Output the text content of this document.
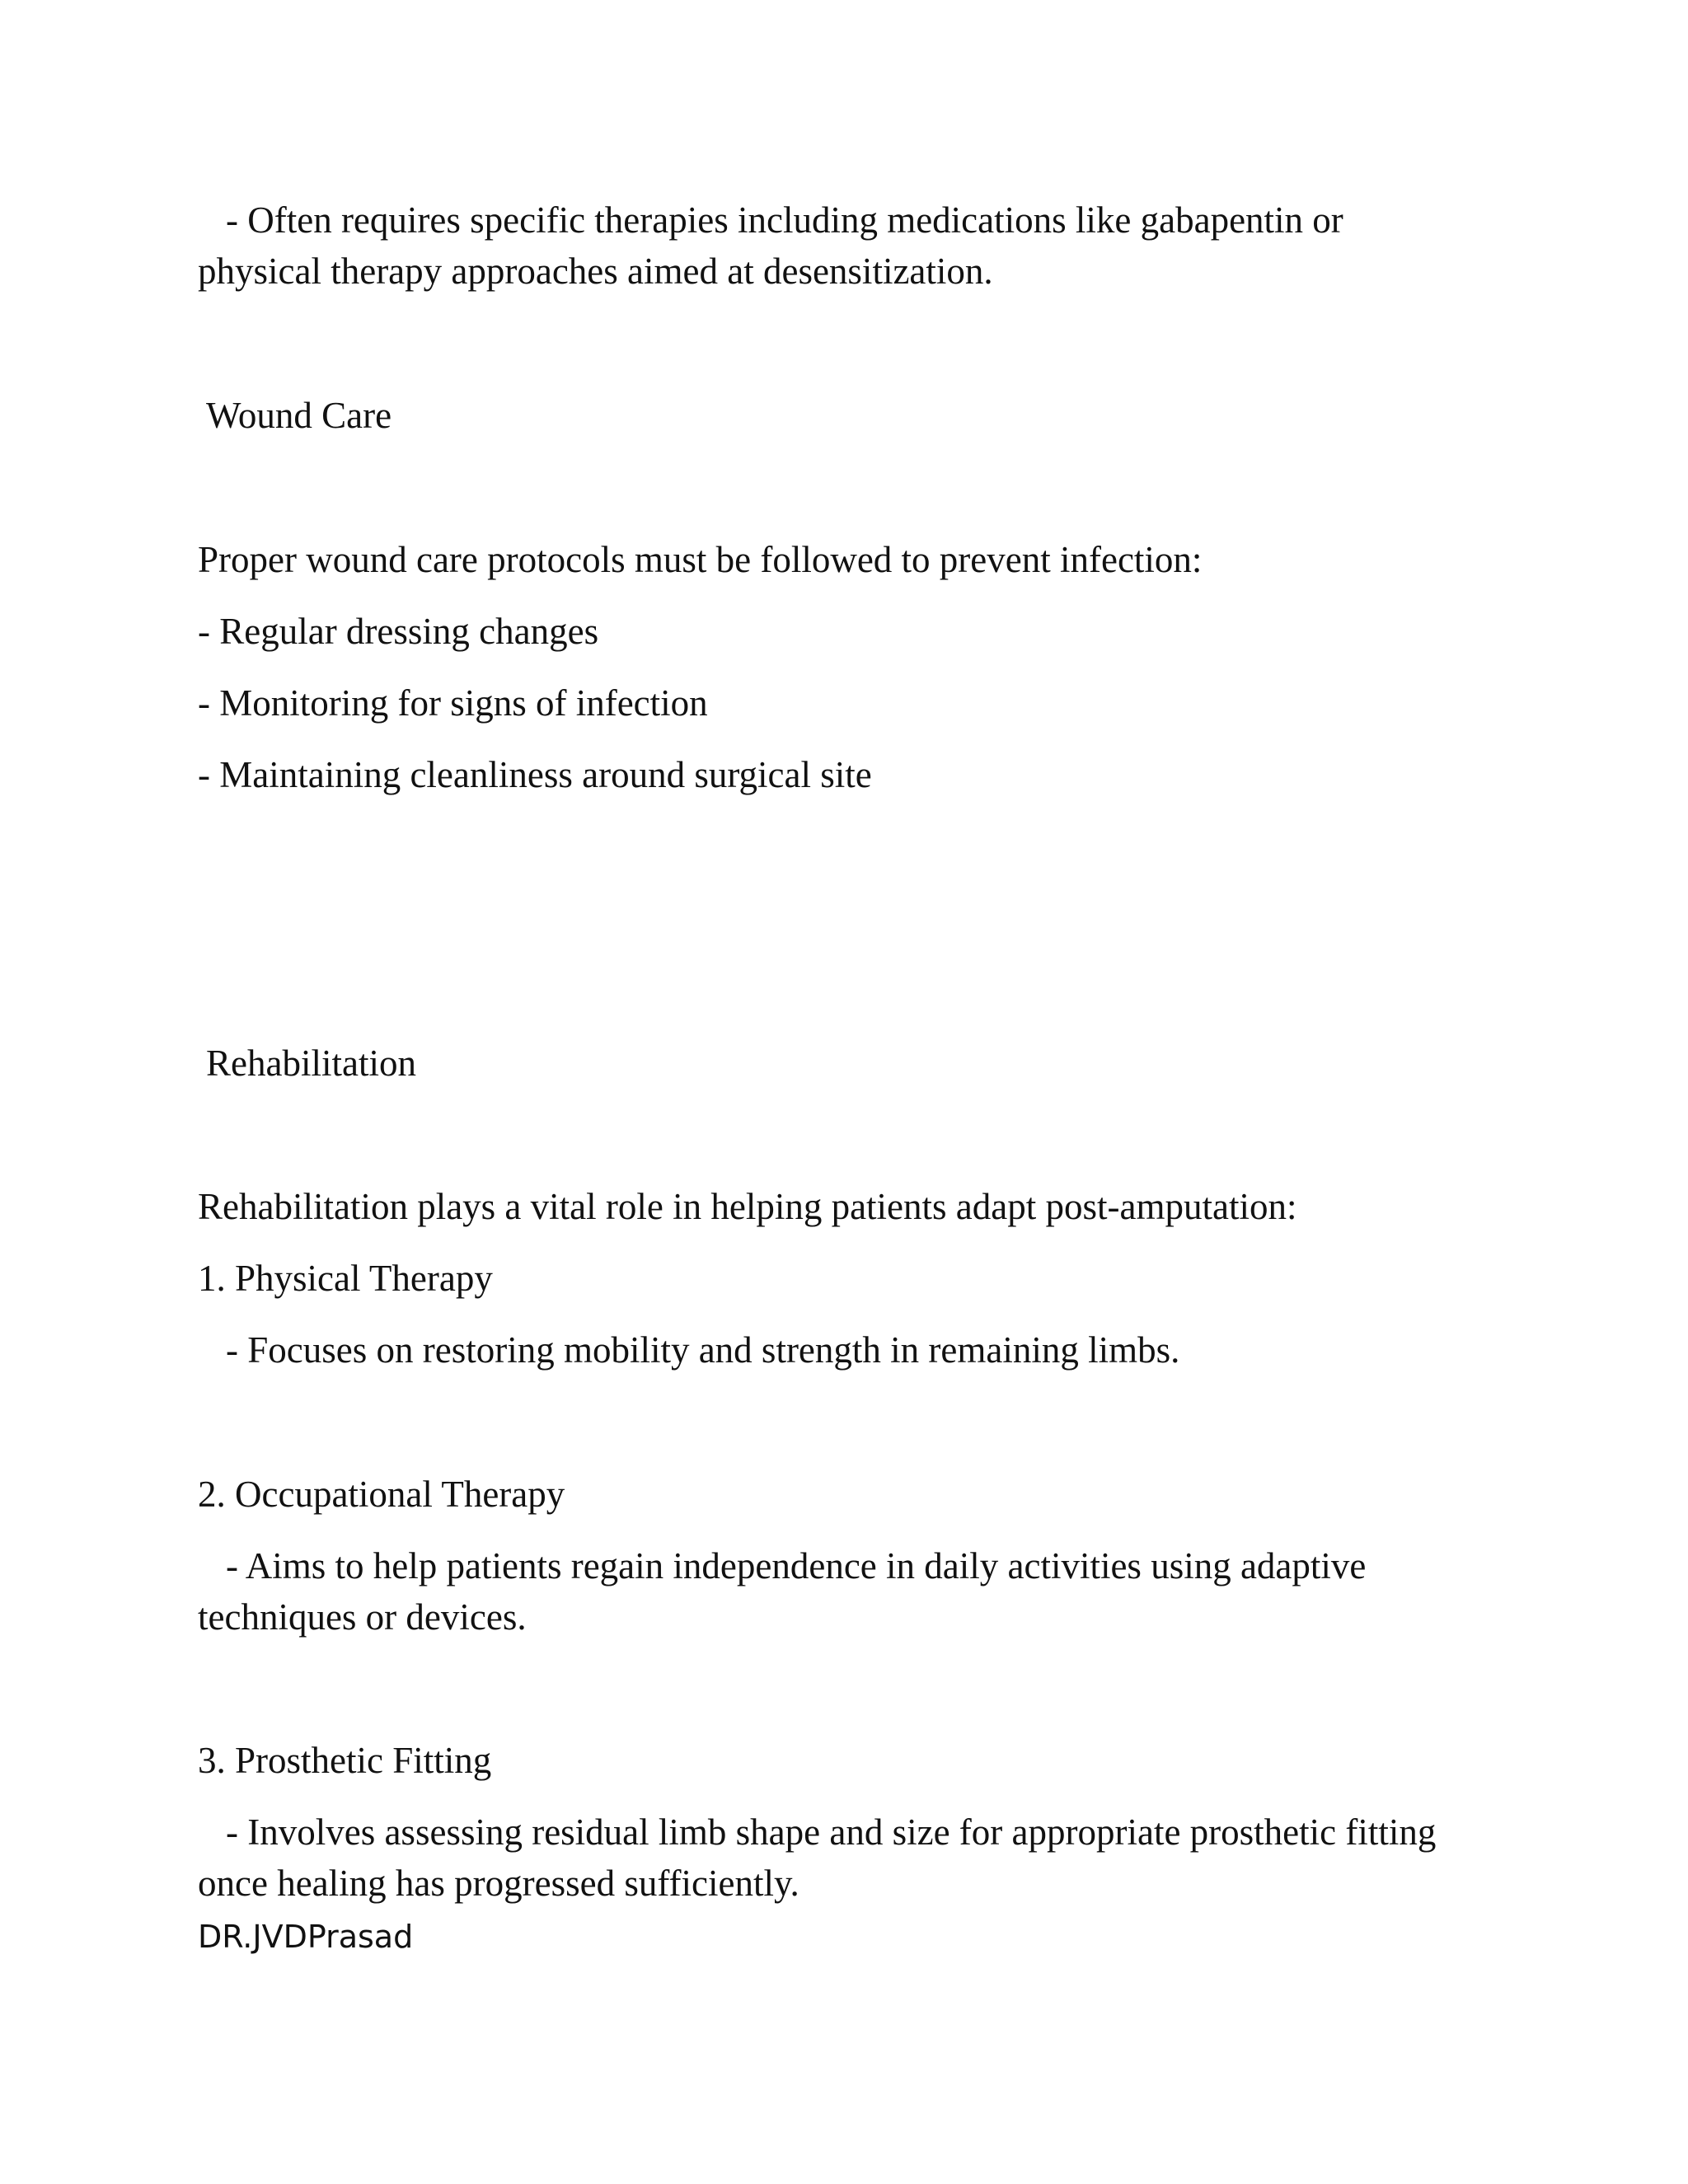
- Often requires specific therapies including medications like gabapentin or
physical therapy approaches aimed at desensitization.
Wound Care
Proper wound care protocols must be followed to prevent infection:
- Regular dressing changes
- Monitoring for signs of infection
- Maintaining cleanliness around surgical site
Rehabilitation
Rehabilitation plays a vital role in helping patients adapt post-amputation:
1. Physical Therapy
- Focuses on restoring mobility and strength in remaining limbs.
2. Occupational Therapy
- Aims to help patients regain independence in daily activities using adaptive
techniques or devices.
3. Prosthetic Fitting
- Involves assessing residual limb shape and size for appropriate prosthetic fitting
once healing has progressed sufficiently.
DR.JVDPrasad
